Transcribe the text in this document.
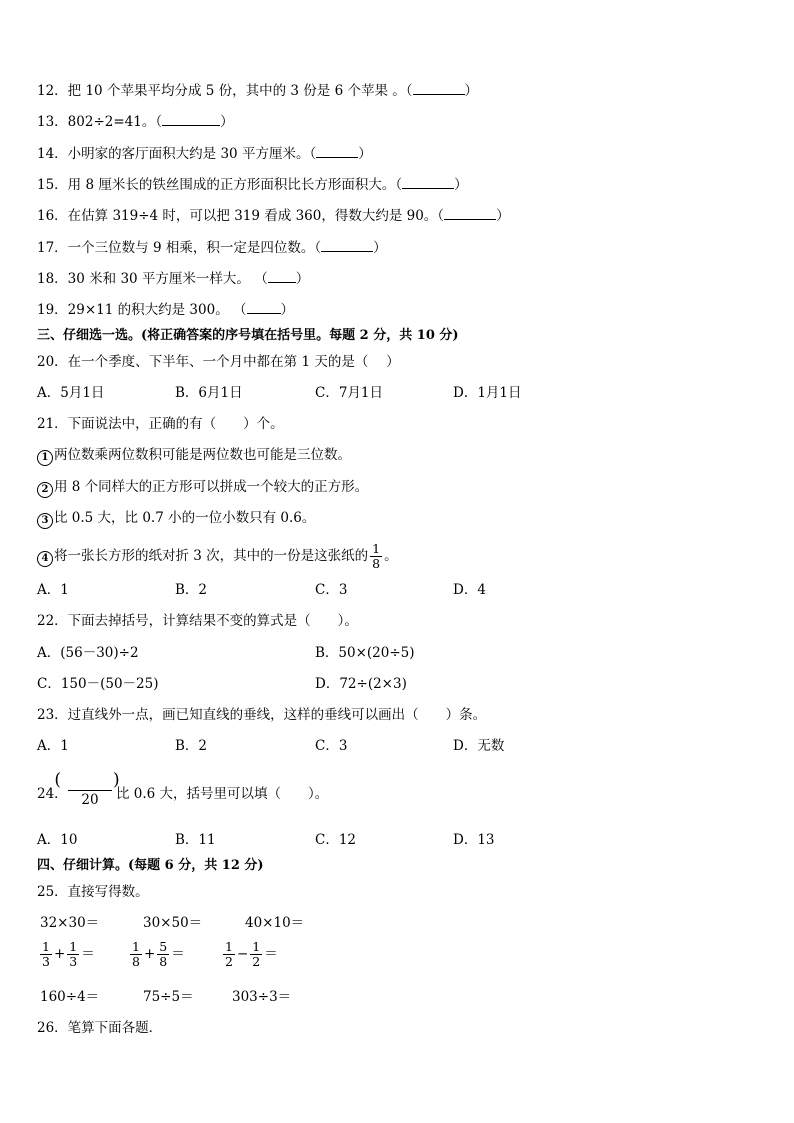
12．把 10 个苹果平均分成 5 份，其中的 3 份是 6 个苹果 。（	）
13．802÷2=41。（	）
14．小明家的客厅面积大约是 30 平方厘米。（	）
15．用 8 厘米长的铁丝围成的正方形面积比长方形面积大。（	）
16．在估算 319÷4 时，可以把 319 看成 360，得数大约是 90。（	）
17．一个三位数与 9 相乘，积一定是四位数。（	）
18．30 米和 30 平方厘米一样大。 （ ）
19．29×11 的积大约是 300。 （	）
三、仔细选一选。(将正确答案的序号填在括号里。每题 2 分，共 10 分)
20．在一个季度、下半年、一个月中都在第 1 天的是（　 ）
A．5月1日	B．6月1日	C．7月1日	D．1月1日
21．下面说法中，正确的有（　　）个。
1 两位数乘两位数积可能是两位数也可能是三位数。
2 用 8 个同样大的正方形可以拼成一个较大的正方形。
3 比 0.5 大，比 0.7 小的一位小数只有 0.6。
4 将一张长方形的纸对折 3 次，其中的一份是这张纸的 $\frac{1}{8}$ 。
A．1	B．2	C．3	D．4
22．下面去掉括号，计算结果不变的算式是（　　）。
A．(56－30)÷2	B．50×(20÷5)
C．150－(50－25)	D．72÷(2×3)
23．过直线外一点，画已知直线的垂线，这样的垂线可以画出（　　）条。
A．1	B．2	C．3	D．无数
24．
(　　)
20 比 0.6 大，括号里可以填（　　）。
A．10	B．11	C．12	D．13
四、仔细计算。(每题 6 分，共 12 分)
25．直接写得数。
32×30＝	30×50＝	40×10＝
$\frac{1}{3} + \frac{1}{3}$ ＝	$\frac{1}{8} + \frac{5}{8}$ ＝	$\frac{1}{2} - \frac{1}{2}$ ＝
160÷4＝	75÷5＝	303÷3＝
26．笔算下面各题．
